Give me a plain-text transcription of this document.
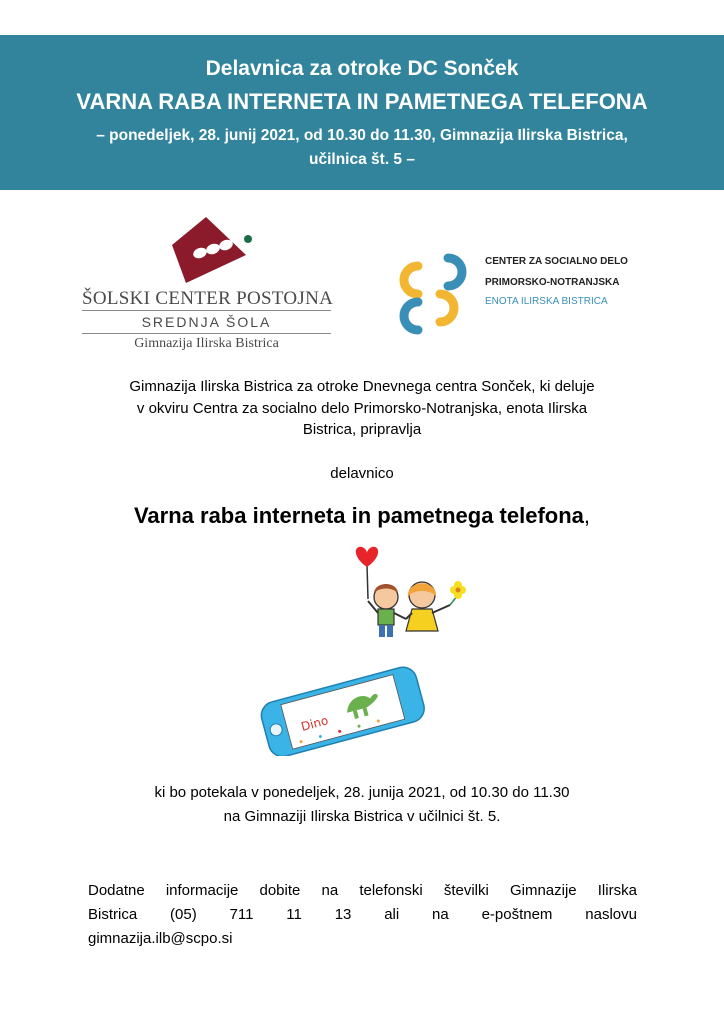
Delavnica za otroke DC Sonček
VARNA RABA INTERNETA IN PAMETNEGA TELEFONA
– ponedeljek, 28. junij 2021, od 10.30 do 11.30, Gimnazija Ilirska Bistrica,
učilnica št. 5 –
ŠOLSKI CENTER POSTOJNA
SREDNJA ŠOLA
Gimnazija Ilirska Bistrica
CENTER ZA SOCIALNO DELO
PRIMORSKO-NOTRANJSKA
ENOTA ILIRSKA BISTRICA
Gimnazija Ilirska Bistrica za otroke Dnevnega centra Sonček, ki deluje
v okviru Centra za socialno delo Primorsko-Notranjska, enota Ilirska
Bistrica, pripravlja
delavnico
Varna raba interneta in pametnega telefona,
Dino
ki bo potekala v ponedeljek, 28. junija 2021, od 10.30 do 11.30
na Gimnaziji Ilirska Bistrica v učilnici št. 5.
Dodatne informacije dobite na telefonski številki Gimnazije Ilirska
Bistrica (05) 711 11 13 ali na e-poštnem naslovu
gimnazija.ilb@scpo.si
